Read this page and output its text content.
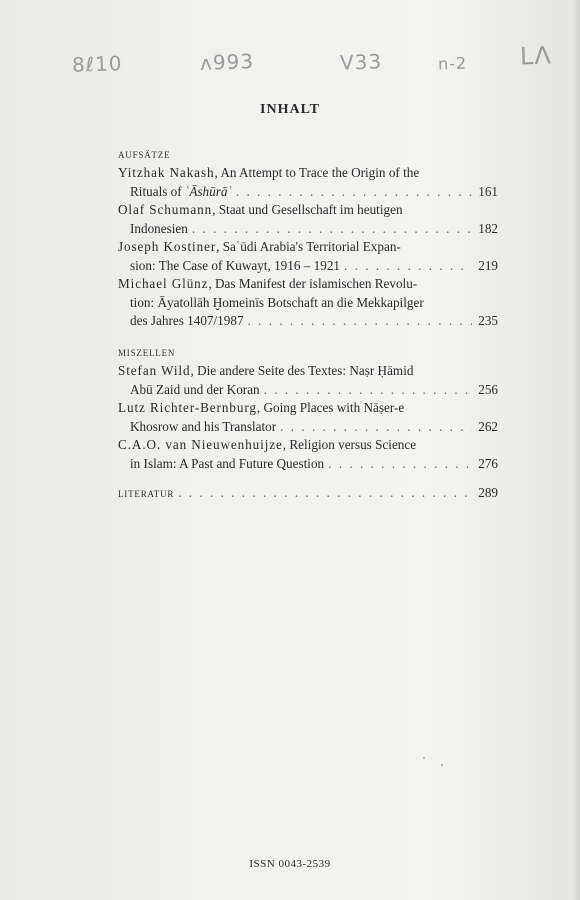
8ℓ10	ʌ993	V33	n-2 LΛ
INHALT
AUFSÄTZE
Yitzhak Nakash, An Attempt to Trace the Origin of the
Rituals of ʿĀshūrāʾ . . .	161
Olaf Schumann, Staat und Gesellschaft im heutigen
Indonesien . . .	182
Joseph Kostiner, Saʿūdi Arabia's Territorial Expan-
sion: The Case of Kuwayt, 1916 – 1921 . . .	219
Michael Glünz, Das Manifest der islamischen Revolu-
tion: Āyatollāh Ḫomeinīs Botschaft an die Mekkapilger
des Jahres 1407/1987 . . .	235
MISZELLEN
Stefan Wild, Die andere Seite des Textes: Naṣr Ḥāmid
Abū Zaid und der Koran . . .	256
Lutz Richter-Bernburg, Going Places with Nāṣer-e
Khosrow and his Translator . . .	262
C.A.O. van Nieuwenhuijze, Religion versus Science
in Islam: A Past and Future Question . . .	276
LITERATUR . . .	289
ISSN 0043-2539
